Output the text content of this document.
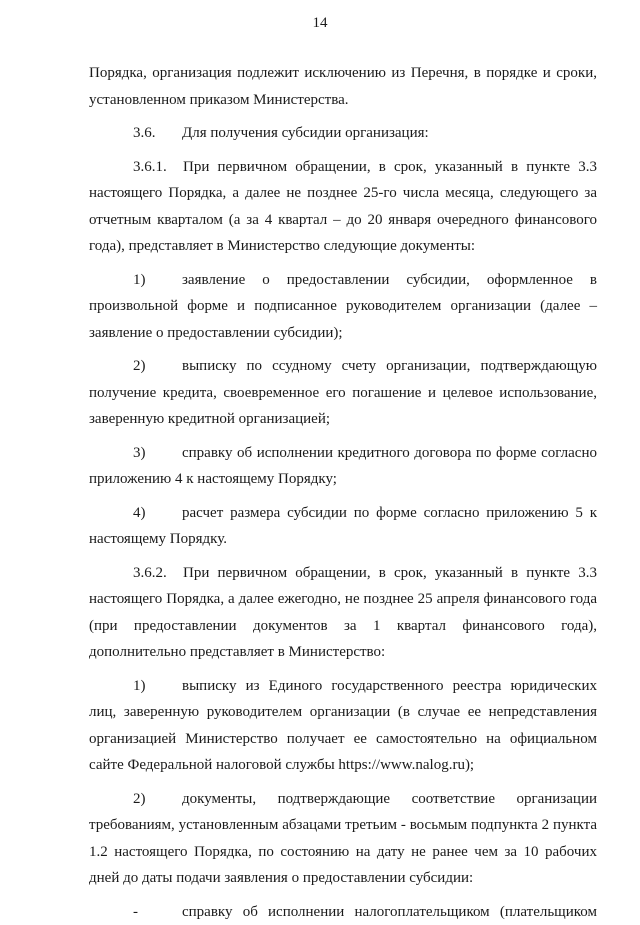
14

Порядка, организация подлежит исключению из Перечня, в порядке и сроки, установленном приказом Министерства.

3.6. Для получения субсидии организация:

3.6.1. При первичном обращении, в срок, указанный в пункте 3.3 настоящего Порядка, а далее не позднее 25-го числа месяца, следующего за отчетным кварталом (а за 4 квартал – до 20 января очередного финансового года), представляет в Министерство следующие документы:

1) заявление о предоставлении субсидии, оформленное в произвольной форме и подписанное руководителем организации (далее – заявление о предоставлении субсидии);

2) выписку по ссудному счету организации, подтверждающую получение кредита, своевременное его погашение и целевое использование, заверенную кредитной организацией;

3) справку об исполнении кредитного договора по форме согласно приложению 4 к настоящему Порядку;

4) расчет размера субсидии по форме согласно приложению 5 к настоящему Порядку.

3.6.2. При первичном обращении, в срок, указанный в пункте 3.3 настоящего Порядка, а далее ежегодно, не позднее 25 апреля финансового года (при предоставлении документов за 1 квартал финансового года), дополнительно представляет в Министерство:

1) выписку из Единого государственного реестра юридических лиц, заверенную руководителем организации (в случае ее непредставления организацией Министерство получает ее самостоятельно на официальном сайте Федеральной налоговой службы https://www.nalog.ru);

2) документы, подтверждающие соответствие организации требованиям, установленным абзацами третьим - восьмым подпункта 2 пункта 1.2 настоящего Порядка, по состоянию на дату не ранее чем за 10 рабочих дней до даты подачи заявления о предоставлении субсидии:

-	справку об исполнении налогоплательщиком (плательщиком
